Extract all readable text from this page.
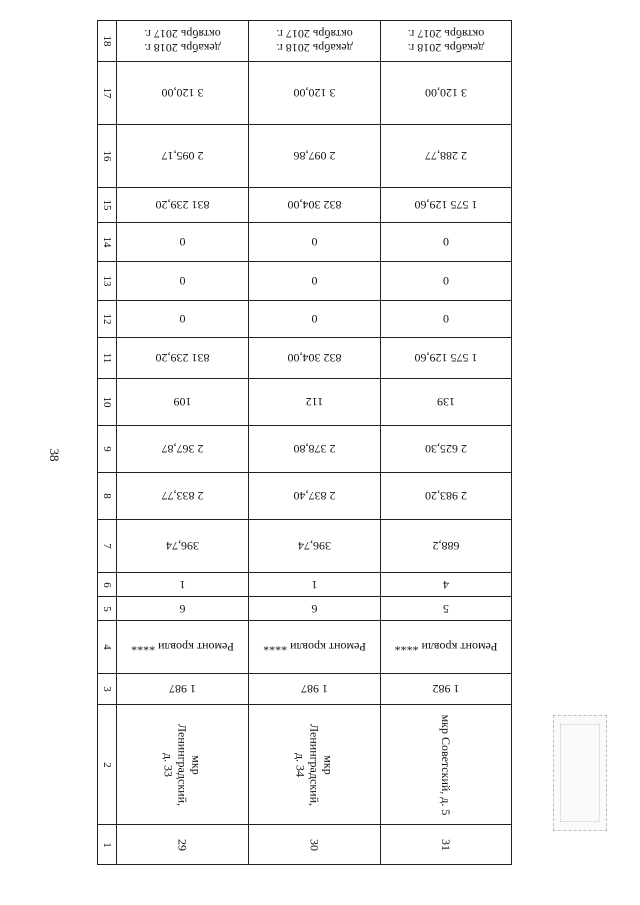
38
18	декабрь 2018 г.
октябрь 2017 г.	декабрь 2018 г.
октябрь 2017 г.	декабрь 2018 г.
октябрь 2017 г.

17	3 120,00	3 120,00	3 120,00

16	2 095,17	2 097,86	2 288,77

15	831 239,20	832 304,00	1 575 129,60

14	0	0	0

13	0	0	0

12	0	0	0

11	831 239,20	832 304,00	1 575 129,60

10	109	112	139

9	2 367,87	2 378,80	2 625,30

8	2 833,77	2 837,40	2 983,20

7	396,74	396,74	688,2

6	1	1	4

5	6	6	5

4	Ремонт кровли ****	Ремонт кровли ****	Ремонт кровли ****

3	1 987	1 987	1 982

2	мкр
Ленинградский,
д. 33	мкр
Ленинградский,
д. 34	мкр Советский, д. 5

1	29	30	31
